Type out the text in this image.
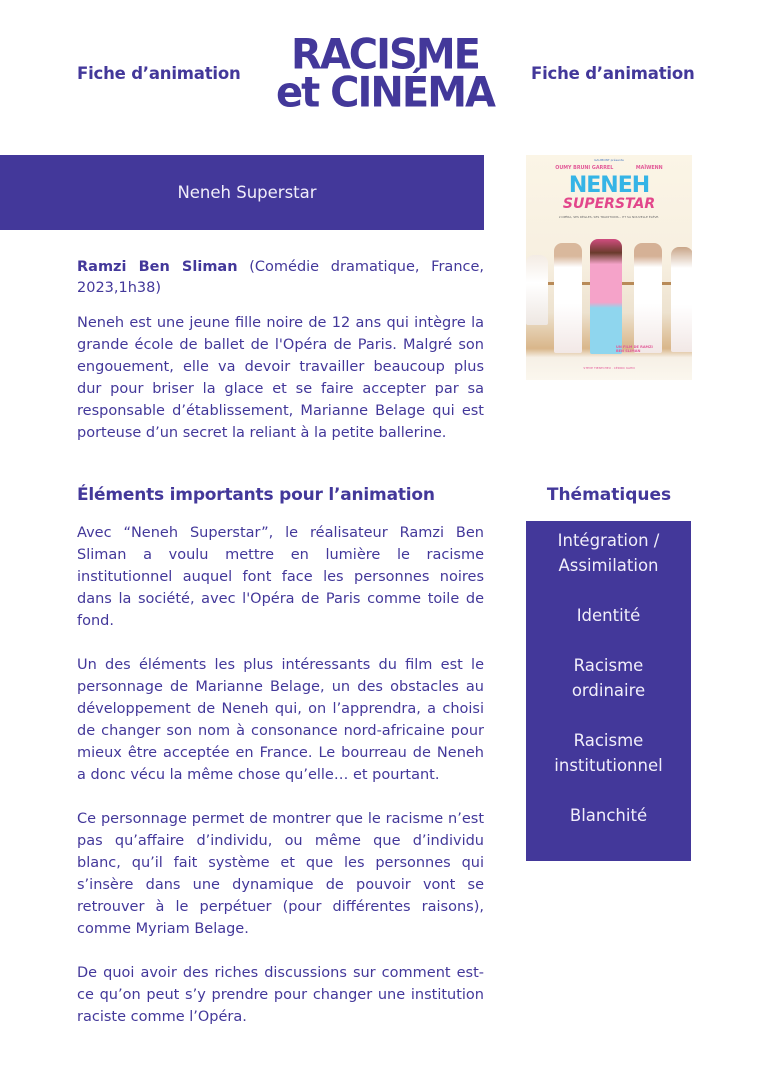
Fiche d’animation	RACISME
et CINÉMA Fiche d’animation
Neneh Superstar
GAUMONT présente
OUMY BRUNI GARREL	MAÏWENN
NENEH
SUPERSTAR
L'OPÉRA, SES RÈGLES, SES TRADITIONS... ET SA NOUVELLE ÉLÈVE.
UN FILM DE RAMZI BEN SLIMAN
STEVE TIENTCHEU · CÉDRIC KAHN
Ramzi Ben Sliman (Comédie dramatique, France, 2023,1h38)
Neneh est une jeune fille noire de 12 ans qui intègre la grande école de ballet de l'Opéra de Paris. Malgré son engouement, elle va devoir travailler beaucoup plus dur pour briser la glace et se faire accepter par sa responsable d’établissement, Marianne Belage qui est porteuse d’un secret la reliant à la petite ballerine.
Éléments importants pour l’animation

Avec “Neneh Superstar”, le réalisateur Ramzi Ben Sliman a voulu mettre en lumière le racisme institutionnel auquel font face les personnes noires dans la société, avec l'Opéra de Paris comme toile de fond.

Un des éléments les plus intéressants du film est le personnage de Marianne Belage, un des obstacles au développement de Neneh qui, on l’apprendra, a choisi de changer son nom à consonance nord-africaine pour mieux être acceptée en France. Le bourreau de Neneh a donc vécu la même chose qu’elle… et pourtant.

Ce personnage permet de montrer que le racisme n’est pas qu’affaire d’individu, ou même que d’individu blanc, qu’il fait système et que les personnes qui s’insère dans une dynamique de pouvoir vont se retrouver à le perpétuer (pour différentes raisons), comme Myriam Belage.

De quoi avoir des riches discussions sur comment est-ce qu’on peut s’y prendre pour changer une institution raciste comme l’Opéra.

Thématiques
Intégration / Assimilation
Identité
Racisme ordinaire
Racisme institutionnel
Blanchité
